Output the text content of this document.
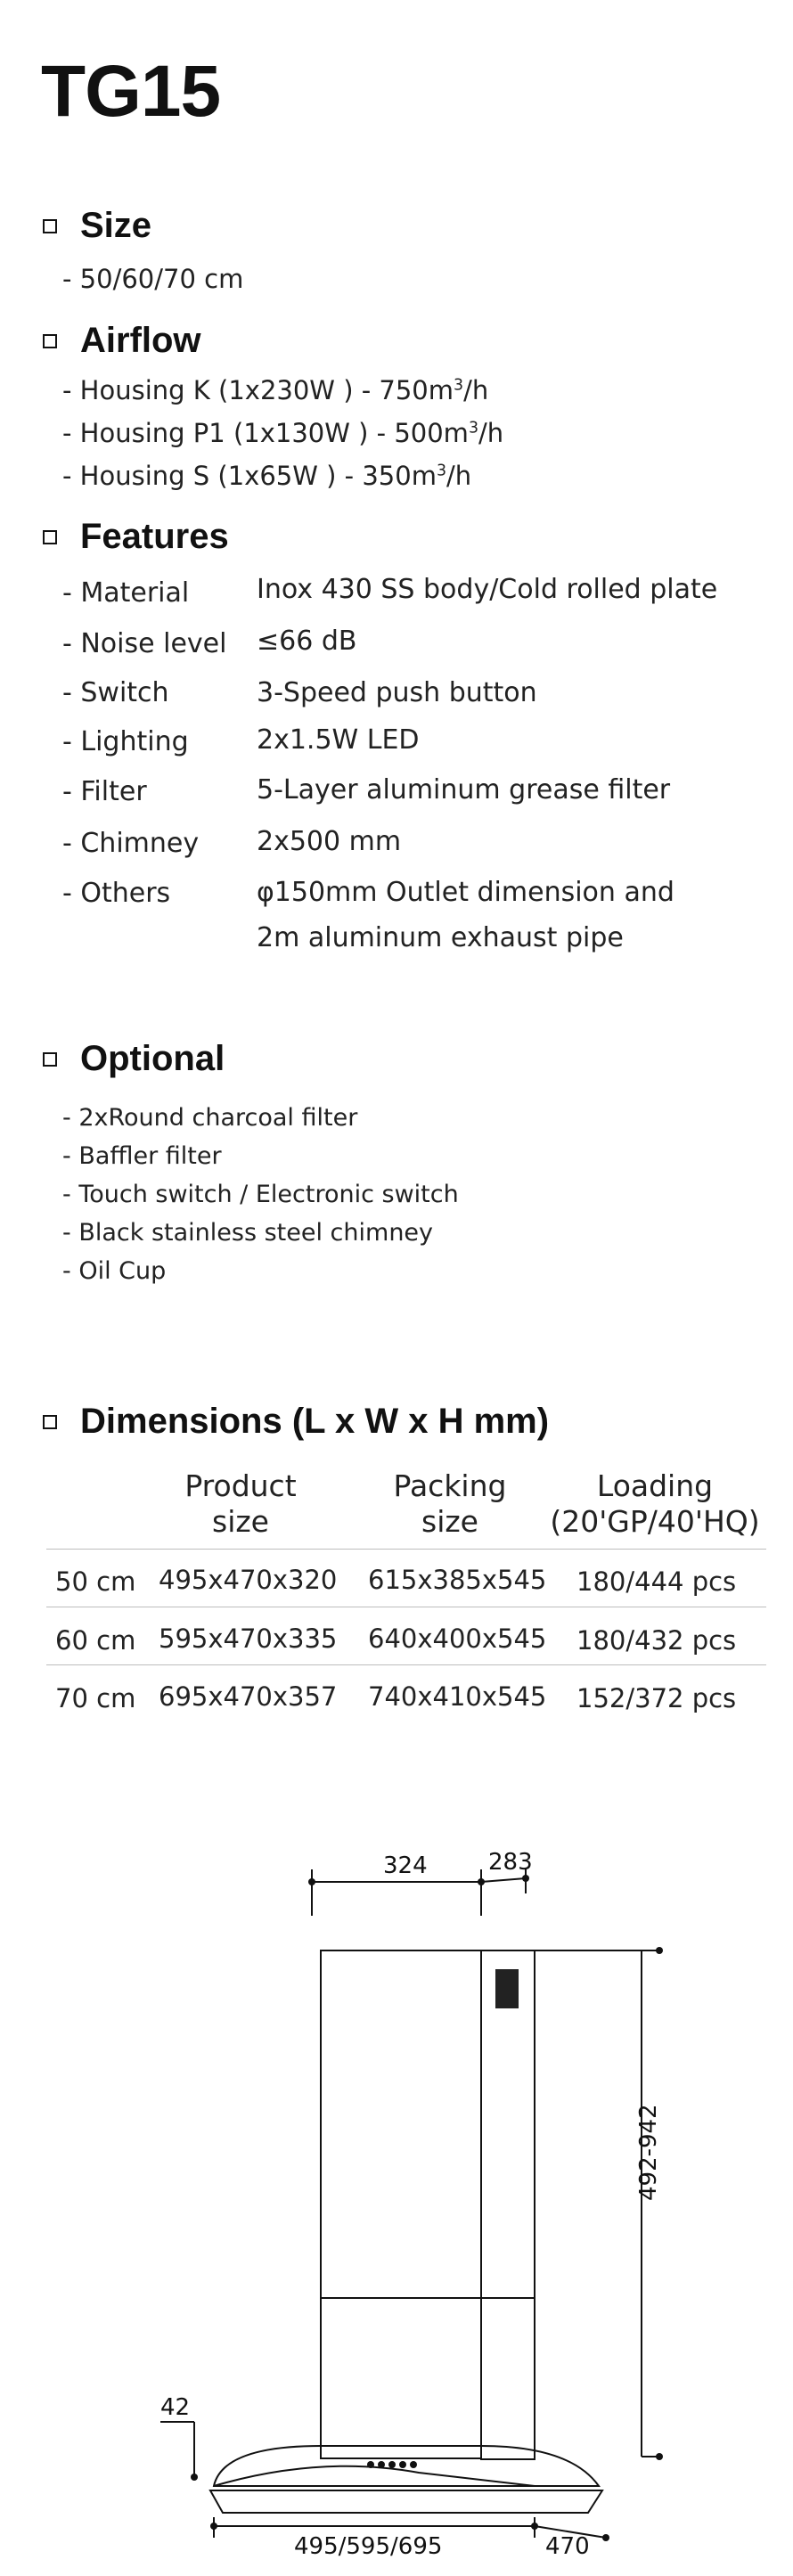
TG15
Size
- 50/60/70 cm
Airflow
- Housing K (1x230W ) - $750m^3/h$
- Housing P1 (1x130W ) - $500m^3/h$
- Housing S (1x65W ) - $350m^3/h$
Features
- Material	Inox 430 SS body/Cold rolled plate
- Noise level ≤66 dB
- Switch	3-Speed push button
- Lighting	2x1.5W LED
- Filter	5-Layer aluminum grease filter
- Chimney 2x500 mm
- Others	φ150mm Outlet dimension and
2m aluminum exhaust pipe
Optional
- 2xRound charcoal filter
- Baffler filter
- Touch switch / Electronic switch
- Black stainless steel chimney
- Oil Cup
Dimensions (L x W x H mm)
Product
size
Packing
size
Loading
(20'GP/40'HQ)
50 cm 495x470x320 615x385x545 180/444 pcs
60 cm 595x470x335 640x400x545 180/432 pcs
70 cm 695x470x357 740x410x545 152/372 pcs
324	283
492-942
42
495/595/695	470
